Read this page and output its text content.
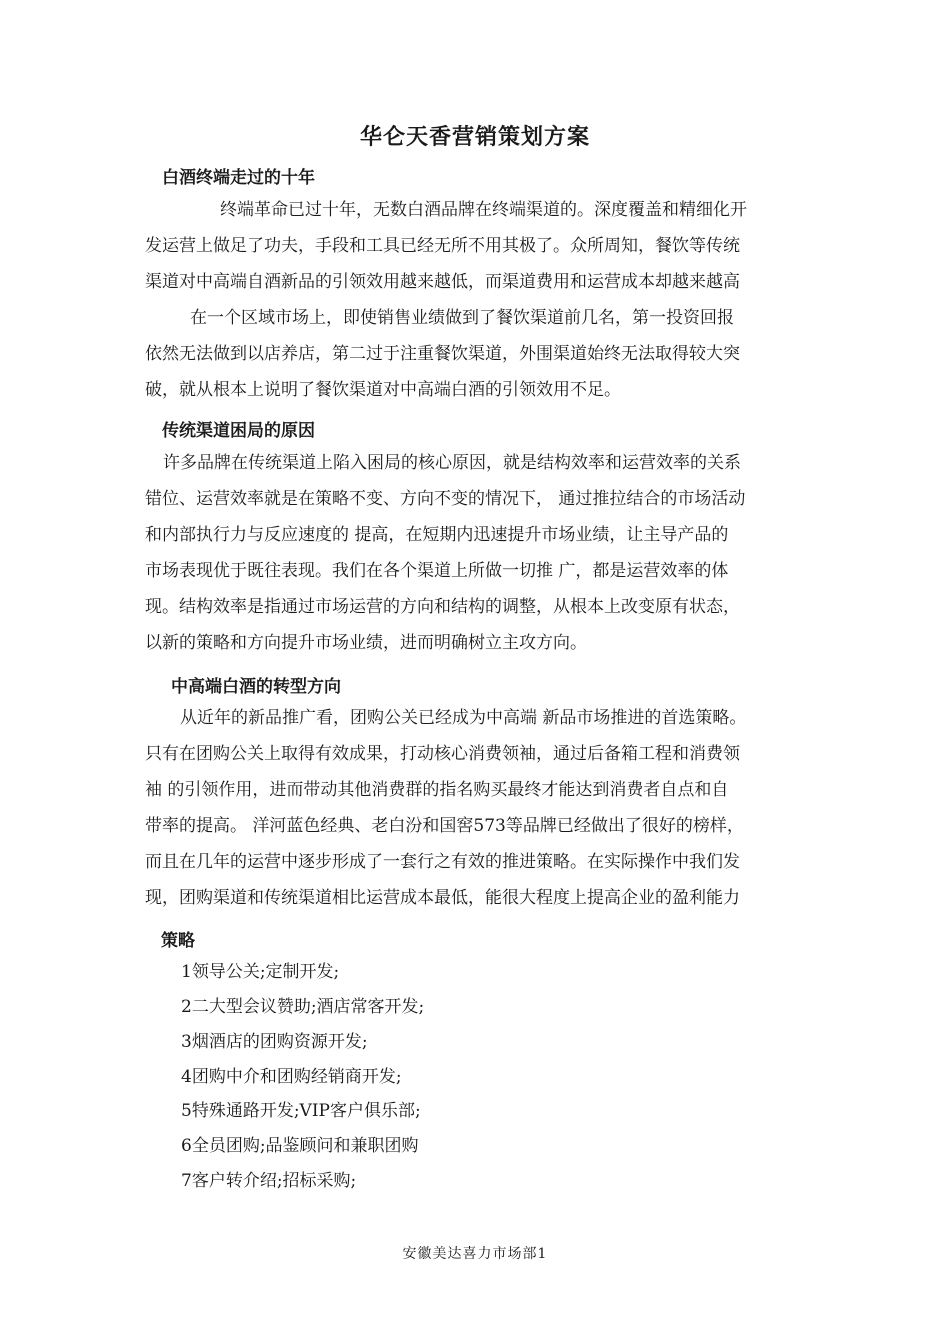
华仑天香营销策划方案
白酒终端走过的十年
终端革命已过十年，无数白酒品牌在终端渠道的。深度覆盖和精细化开
发运营上做足了功夫，手段和工具已经无所不用其极了。众所周知，餐饮等传统
渠道对中高端自酒新品的引领效用越来越低，而渠道费用和运营成本却越来越高
在一个区域市场上，即使销售业绩做到了餐饮渠道前几名，第一投资回报
依然无法做到以店养店，第二过于注重餐饮渠道，外围渠道始终无法取得较大突
破，就从根本上说明了餐饮渠道对中高端白酒的引领效用不足。
传统渠道困局的原因
许多品牌在传统渠道上陷入困局的核心原因，就是结构效率和运营效率的关系
错位、运营效率就是在策略不变、方向不变的情况下， 通过推拉结合的市场活动
和内部执行力与反应速度的 提高，在短期内迅速提升市场业绩，让主导产品的
市场表现优于既往表现。我们在各个渠道上所做一切推 广，都是运营效率的体
现。结构效率是指通过市场运营的方向和结构的调整，从根本上改变原有状态，
以新的策略和方向提升市场业绩，进而明确树立主攻方向。
中高端白酒的转型方向
从近年的新品推广看，团购公关已经成为中高端 新品市场推进的首选策略。
只有在团购公关上取得有效成果，打动核心消费领袖，通过后备箱工程和消费领
袖 的引领作用，进而带动其他消费群的指名购买最终才能达到消费者自点和自
带率的提高。 洋河蓝色经典、老白汾和国窖573等品牌已经做出了很好的榜样，
而且在几年的运营中逐步形成了一套行之有效的推进策略。在实际操作中我们发
现，团购渠道和传统渠道相比运营成本最低，能很大程度上提高企业的盈利能力
策略
1领导公关;定制开发;
2二大型会议赞助;酒店常客开发;
3烟酒店的团购资源开发;
4团购中介和团购经销商开发;
5特殊通路开发;VIP客户俱乐部;
6全员团购;品鉴顾问和兼职团购
7客户转介绍;招标采购;
安徽美达喜力市场部1
